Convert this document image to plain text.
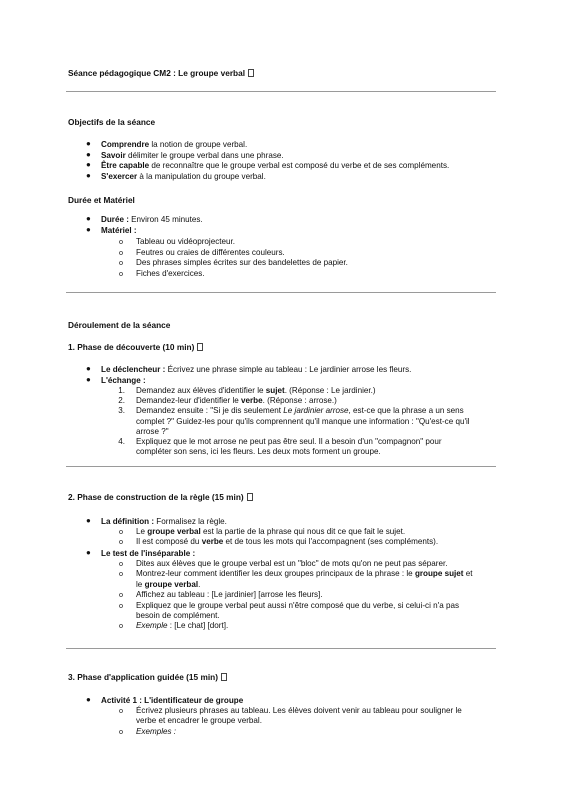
Séance pédagogique CM2 : Le groupe verbal
Objectifs de la séance
● Comprendre la notion de groupe verbal.
● Savoir délimiter le groupe verbal dans une phrase.
● Être capable de reconnaître que le groupe verbal est composé du verbe et de ses compléments.
● S'exercer à la manipulation du groupe verbal.
Durée et Matériel
● Durée : Environ 45 minutes.
● Matériel :
o Tableau ou vidéoprojecteur.
o Feutres ou craies de différentes couleurs.
o Des phrases simples écrites sur des bandelettes de papier.
o Fiches d'exercices.
Déroulement de la séance
1. Phase de découverte (10 min)
● Le déclencheur : Écrivez une phrase simple au tableau : Le jardinier arrose les fleurs.
● L'échange :
1. Demandez aux élèves d'identifier le sujet. (Réponse : Le jardinier.)
2. Demandez-leur d'identifier le verbe. (Réponse : arrose.)
3. Demandez ensuite : "Si je dis seulement Le jardinier arrose, est-ce que la phrase a un sens
complet ?" Guidez-les pour qu'ils comprennent qu'il manque une information : "Qu'est-ce qu'il
arrose ?"
4. Expliquez que le mot arrose ne peut pas être seul. Il a besoin d'un "compagnon" pour
compléter son sens, ici les fleurs. Les deux mots forment un groupe.
2. Phase de construction de la règle (15 min)
● La définition : Formalisez la règle.
o Le groupe verbal est la partie de la phrase qui nous dit ce que fait le sujet.
o Il est composé du verbe et de tous les mots qui l'accompagnent (ses compléments).
● Le test de l'inséparable :
o Dites aux élèves que le groupe verbal est un "bloc" de mots qu'on ne peut pas séparer.
o Montrez-leur comment identifier les deux groupes principaux de la phrase : le groupe sujet et
le groupe verbal.
o Affichez au tableau : [Le jardinier] [arrose les fleurs].
o Expliquez que le groupe verbal peut aussi n'être composé que du verbe, si celui-ci n'a pas
besoin de complément.
o Exemple : [Le chat] [dort].
3. Phase d'application guidée (15 min)
● Activité 1 : L'identificateur de groupe
o Écrivez plusieurs phrases au tableau. Les élèves doivent venir au tableau pour souligner le
verbe et encadrer le groupe verbal.
o Exemples :
